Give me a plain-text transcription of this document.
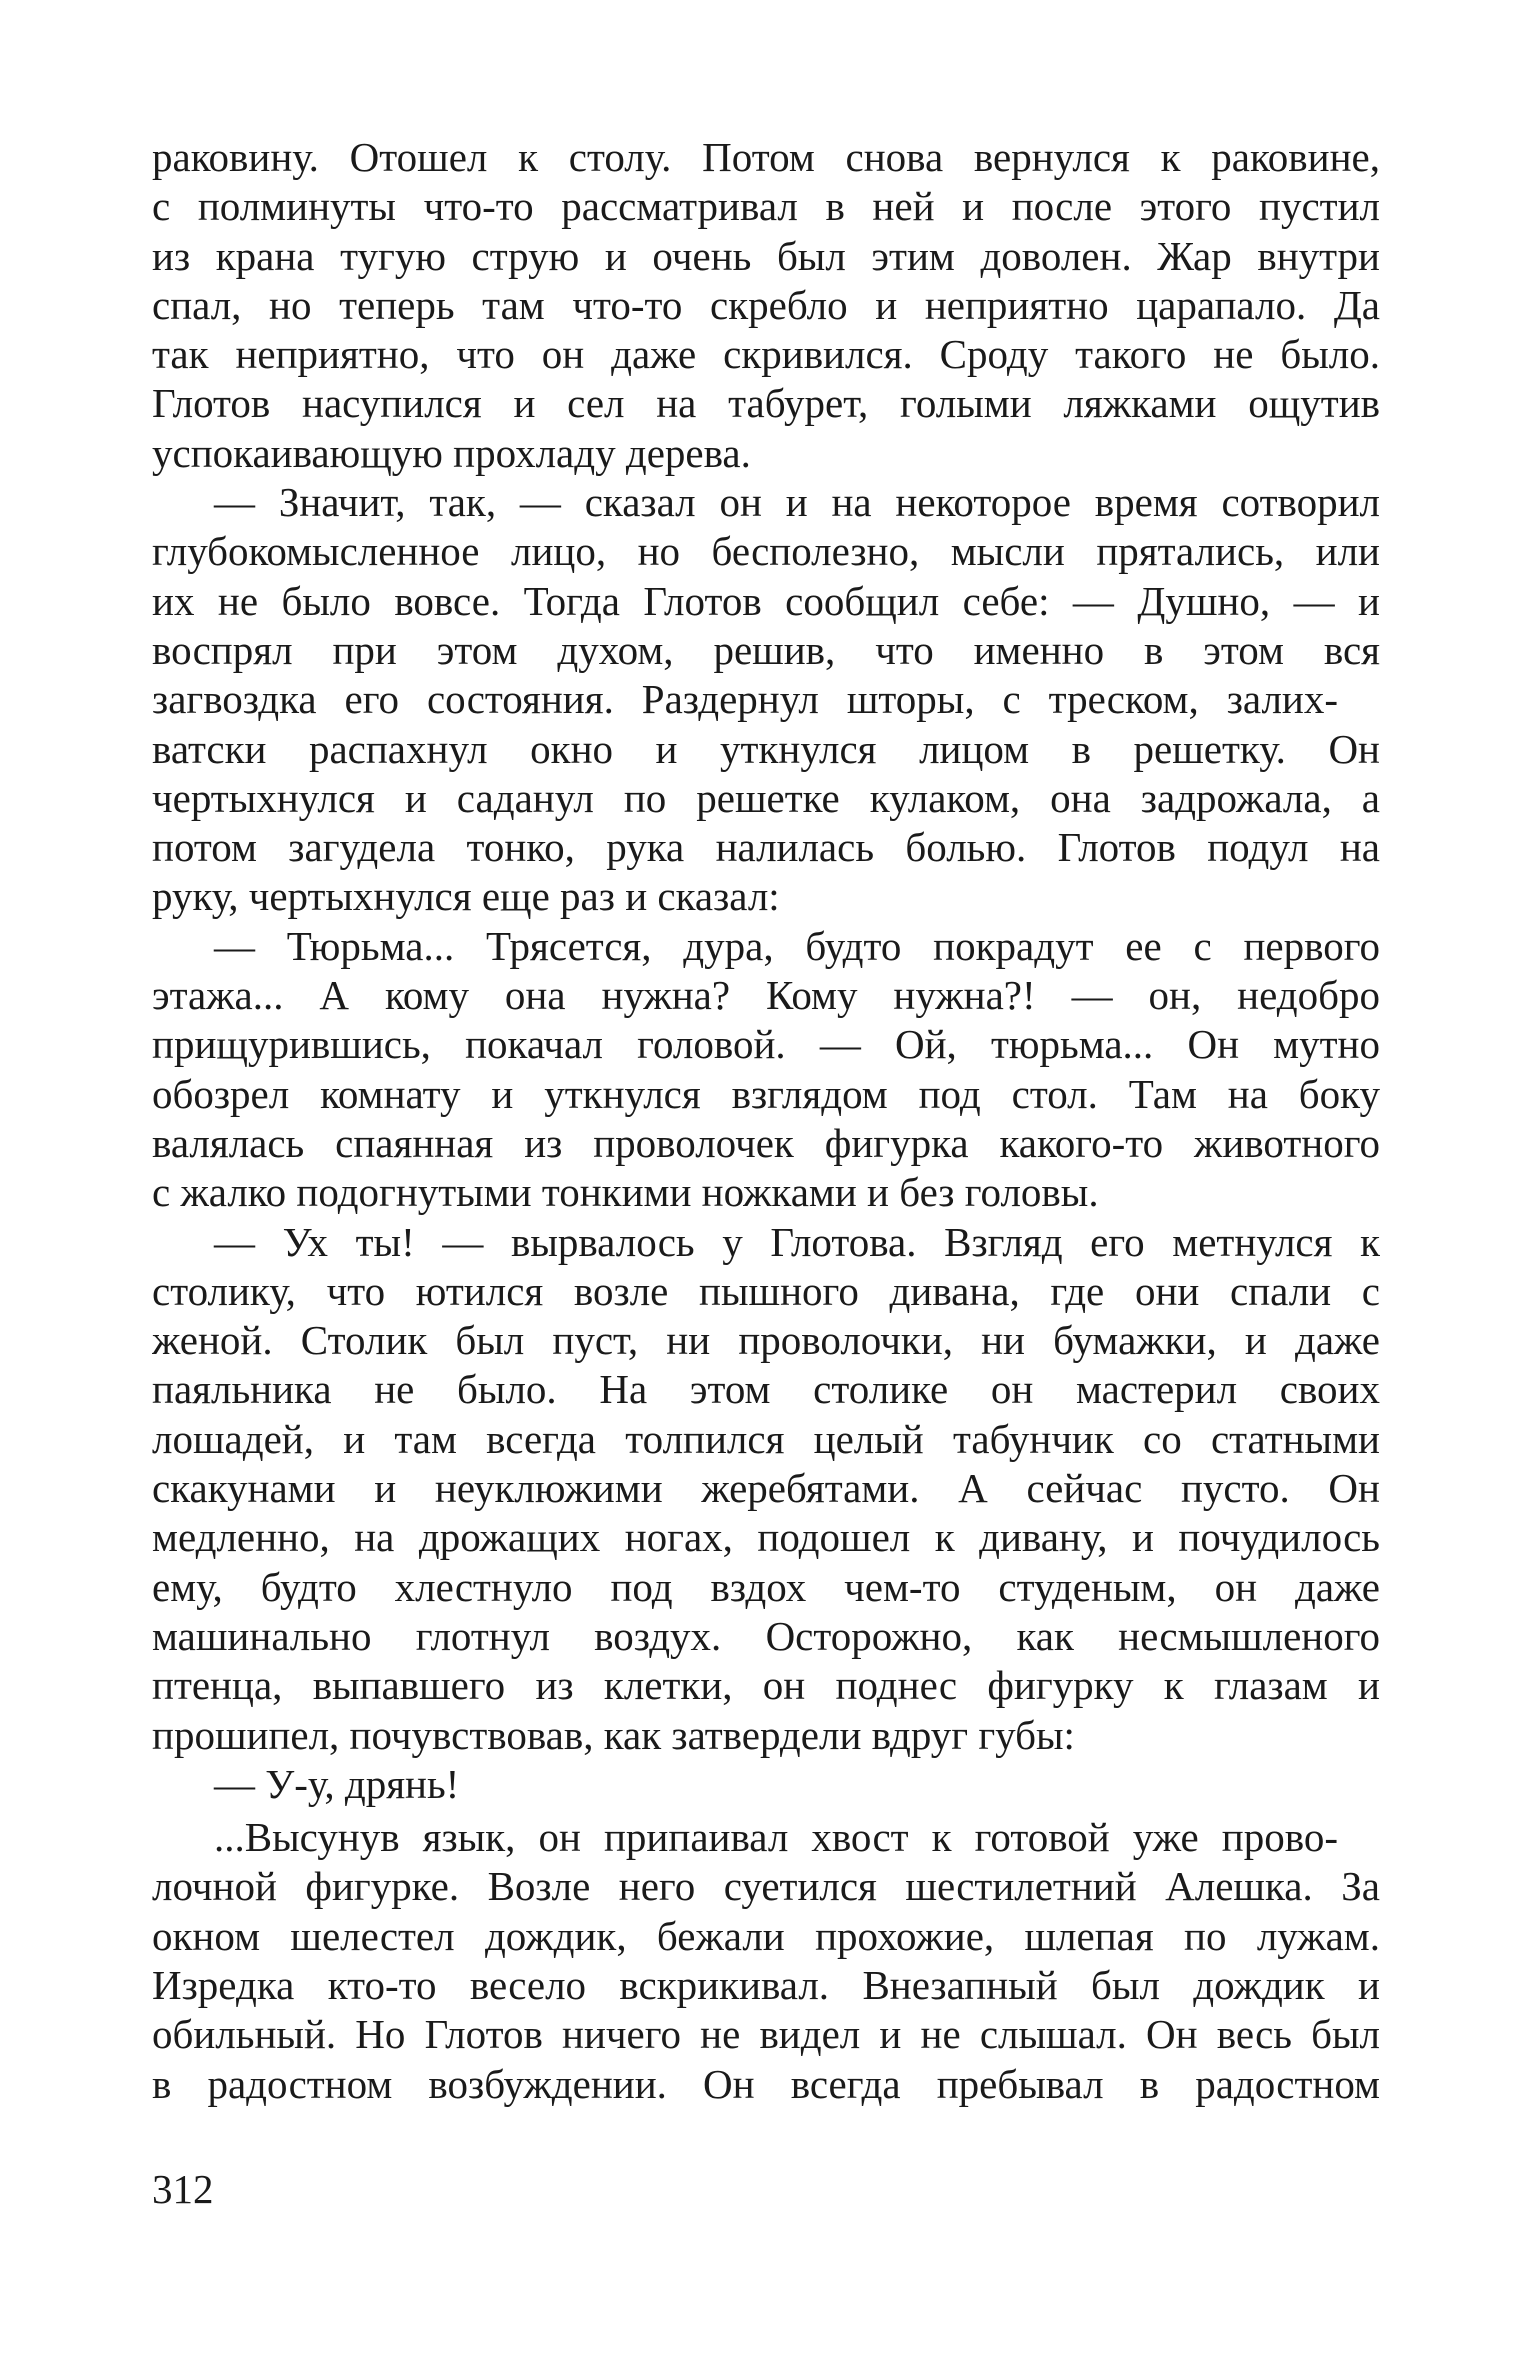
раковину. Отошел к столу. Потом снова вернулся к раковине,
с полминуты что-то рассматривал в ней и после этого пустил
из крана тугую струю и очень был этим доволен. Жар внутри
спал, но теперь там что-то скребло и неприятно царапало. Да
так неприятно, что он даже скривился. Сроду такого не было.
Глотов насупился и сел на табурет, голыми ляжками ощутив
успокаивающую прохладу дерева.
— Значит, так, — сказал он и на некоторое время сотворил
глубокомысленное лицо, но бесполезно, мысли прятались, или
их не было вовсе. Тогда Глотов сообщил себе: — Душно, — и
воспрял при этом духом, решив, что именно в этом вся
загвоздка его состояния. Раздернул шторы, с треском, залих-
ватски распахнул окно и уткнулся лицом в решетку. Он
чертыхнулся и саданул по решетке кулаком, она задрожала, а
потом загудела тонко, рука налилась болью. Глотов подул на
руку, чертыхнулся еще раз и сказал:
— Тюрьма... Трясется, дура, будто покрадут ее с первого
этажа... А кому она нужна? Кому нужна?! — он, недобро
прищурившись, покачал головой. — Ой, тюрьма... Он мутно
обозрел комнату и уткнулся взглядом под стол. Там на боку
валялась спаянная из проволочек фигурка какого-то животного
с жалко подогнутыми тонкими ножками и без головы.
— Ух ты! — вырвалось у Глотова. Взгляд его метнулся к
столику, что ютился возле пышного дивана, где они спали с
женой. Столик был пуст, ни проволочки, ни бумажки, и даже
паяльника не было. На этом столике он мастерил своих
лошадей, и там всегда толпился целый табунчик со статными
скакунами и неуклюжими жеребятами. А сейчас пусто. Он
медленно, на дрожащих ногах, подошел к дивану, и почудилось
ему, будто хлестнуло под вздох чем-то студеным, он даже
машинально глотнул воздух. Осторожно, как несмышленого
птенца, выпавшего из клетки, он поднес фигурку к глазам и
прошипел, почувствовав, как затвердели вдруг губы:
— У-у, дрянь!
...Высунув язык, он припаивал хвост к готовой уже прово-
лочной фигурке. Возле него суетился шестилетний Алешка. За
окном шелестел дождик, бежали прохожие, шлепая по лужам.
Изредка кто-то весело вскрикивал. Внезапный был дождик и
обильный. Но Глотов ничего не видел и не слышал. Он весь был
в радостном возбуждении. Он всегда пребывал в радостном
312
